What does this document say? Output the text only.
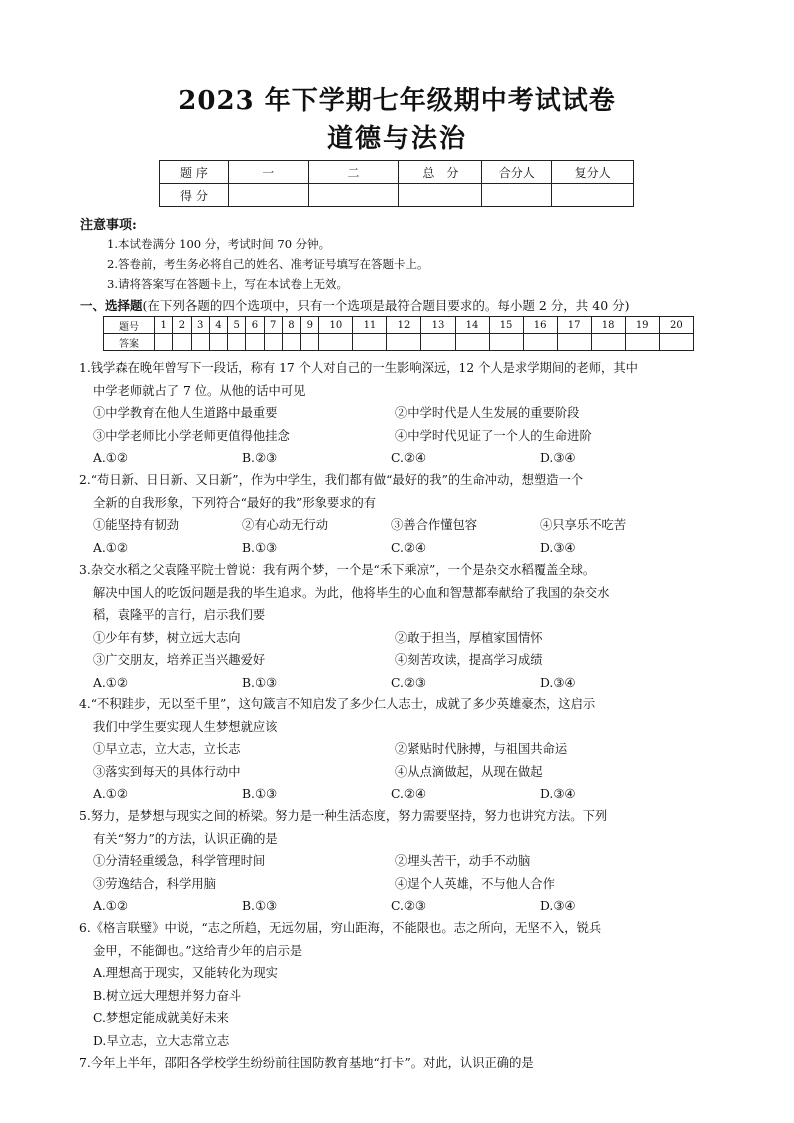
2023 年下学期七年级期中考试试卷
道德与法治
题 序	一	二	总　分	合分人	复分人
得 分					
注意事项:
1.本试卷满分 100 分，考试时间 70 分钟。
2.答卷前，考生务必将自己的姓名、准考证号填写在答题卡上。
3.请将答案写在答题卡上，写在本试卷上无效。
一、选择题(在下列各题的四个选项中，只有一个选项是最符合题目要求的。每小题 2 分，共 40 分)
题号	1	2	3	4	5	6	7	8	9	10	11	12	13	14	15	16	17	18	19	20
答案																				
1.钱学森在晚年曾写下一段话，称有 17 个人对自己的一生影响深远，12 个人是求学期间的老师，其中
中学老师就占了 7 位。从他的话中可见
①中学教育在他人生道路中最重要	②中学时代是人生发展的重要阶段
③中学老师比小学老师更值得他挂念	④中学时代见证了一个人的生命进阶
A.①②	B.②③	C.②④	D.③④
2.“苟日新、日日新、又日新”，作为中学生，我们都有做“最好的我”的生命冲动，想塑造一个
全新的自我形象，下列符合“最好的我”形象要求的有
①能坚持有韧劲	②有心动无行动	③善合作懂包容	④只享乐不吃苦
A.①②	B.①③	C.②④	D.③④
3.杂交水稻之父袁隆平院士曾说：我有两个梦，一个是“禾下乘凉”，一个是杂交水稻覆盖全球。
解决中国人的吃饭问题是我的毕生追求。为此，他将毕生的心血和智慧都奉献给了我国的杂交水
稻，袁隆平的言行，启示我们要
①少年有梦，树立远大志向	②敢于担当，厚植家国情怀
③广交朋友，培养正当兴趣爱好	④刻苦攻读，提高学习成绩
A.①②	B.①③	C.②③	D.③④
4.“不积跬步，无以至千里”，这句箴言不知启发了多少仁人志士，成就了多少英雄豪杰，这启示
我们中学生要实现人生梦想就应该
①早立志，立大志，立长志	②紧贴时代脉搏，与祖国共命运
③落实到每天的具体行动中	④从点滴做起，从现在做起
A.①②	B.①③	C.②④	D.③④
5.努力，是梦想与现实之间的桥梁。努力是一种生活态度，努力需要坚持，努力也讲究方法。下列
有关“努力”的方法，认识正确的是
①分清轻重缓急，科学管理时间	②埋头苦干，动手不动脑
③劳逸结合，科学用脑	④逞个人英雄，不与他人合作
A.①②	B.①③	C.②③	D.③④
6.《格言联璧》中说，“志之所趋，无远勿届，穷山距海，不能限也。志之所向，无坚不入，锐兵
金甲，不能御也。”这给青少年的启示是
A.理想高于现实，又能转化为现实
B.树立远大理想并努力奋斗
C.梦想定能成就美好未来
D.早立志，立大志常立志
7.今年上半年，邵阳各学校学生纷纷前往国防教育基地“打卡”。对此，认识正确的是
